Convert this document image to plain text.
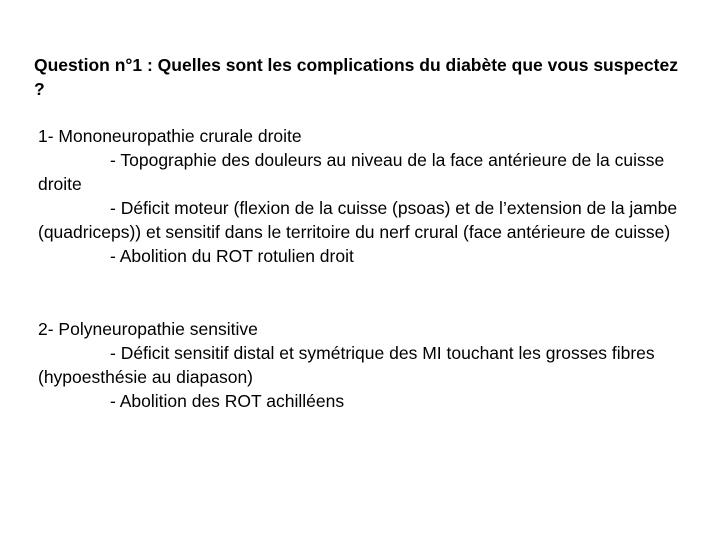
Question n°1 : Quelles sont les complications du diabète que vous suspectez ?
1- Mononeuropathie crurale droite
- Topographie des douleurs au niveau de la face antérieure de la cuisse droite
- Déficit moteur (flexion de la cuisse (psoas) et de l’extension de la jambe (quadriceps)) et sensitif dans le territoire du nerf crural (face antérieure de cuisse)
- Abolition du ROT rotulien droit
2- Polyneuropathie sensitive
- Déficit sensitif distal et symétrique des MI touchant les grosses fibres (hypoesthésie au diapason)
- Abolition des ROT achilléens
